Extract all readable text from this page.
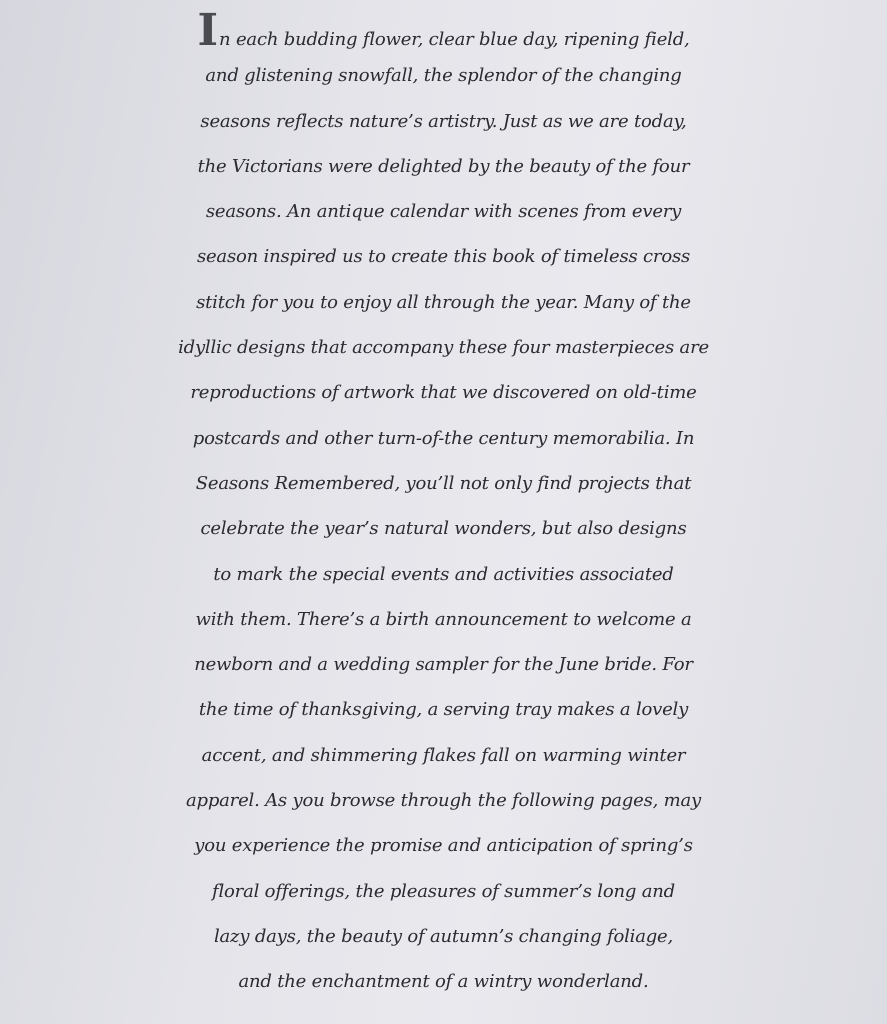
In each budding flower, clear blue day, ripening field,
and glistening snowfall, the splendor of the changing
seasons reflects nature’s artistry. Just as we are today,
the Victorians were delighted by the beauty of the four
seasons. An antique calendar with scenes from every
season inspired us to create this book of timeless cross
stitch for you to enjoy all through the year. Many of the
idyllic designs that accompany these four masterpieces are
reproductions of artwork that we discovered on old-time
postcards and other turn-of-the century memorabilia. In
Seasons Remembered, you’ll not only find projects that
celebrate the year’s natural wonders, but also designs
to mark the special events and activities associated
with them. There’s a birth announcement to welcome a
newborn and a wedding sampler for the June bride. For
the time of thanksgiving, a serving tray makes a lovely
accent, and shimmering flakes fall on warming winter
apparel. As you browse through the following pages, may
you experience the promise and anticipation of spring’s
floral offerings, the pleasures of summer’s long and
lazy days, the beauty of autumn’s changing foliage,
and the enchantment of a wintry wonderland.
